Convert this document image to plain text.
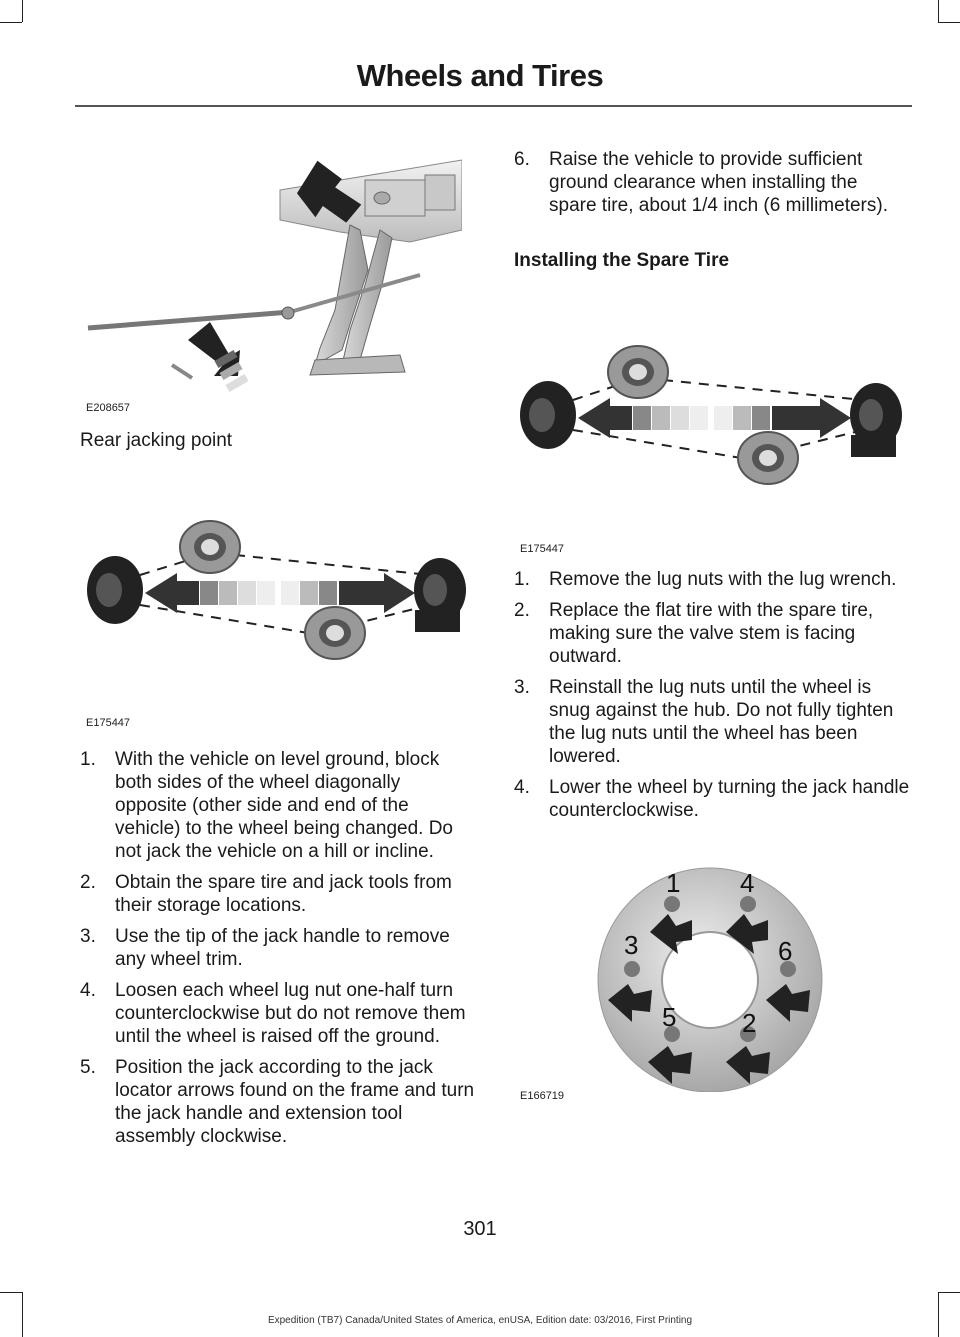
Wheels and Tires
E208657
Rear jacking point
E175447
1. With the vehicle on level ground, block both sides of the wheel diagonally opposite (other side and end of the vehicle) to the wheel being changed. Do not jack the vehicle on a hill or incline.
2. Obtain the spare tire and jack tools from their storage locations.
3. Use the tip of the jack handle to remove any wheel trim.
4. Loosen each wheel lug nut one-half turn counterclockwise but do not remove them until the wheel is raised off the ground.
5. Position the jack according to the jack locator arrows found on the frame and turn the jack handle and extension tool assembly clockwise.
6. Raise the vehicle to provide sufficient ground clearance when installing the spare tire, about 1/4 inch (6 millimeters).
Installing the Spare Tire
E175447
1. Remove the lug nuts with the lug wrench.
2. Replace the flat tire with the spare tire, making sure the valve stem is facing outward.
3. Reinstall the lug nuts until the wheel is snug against the hub. Do not fully tighten the lug nuts until the wheel has been lowered.
4. Lower the wheel by turning the jack handle counterclockwise.
1
2
3
4
5
6
E166719
301
Expedition (TB7) Canada/United States of America, enUSA, Edition date: 03/2016, First Printing
